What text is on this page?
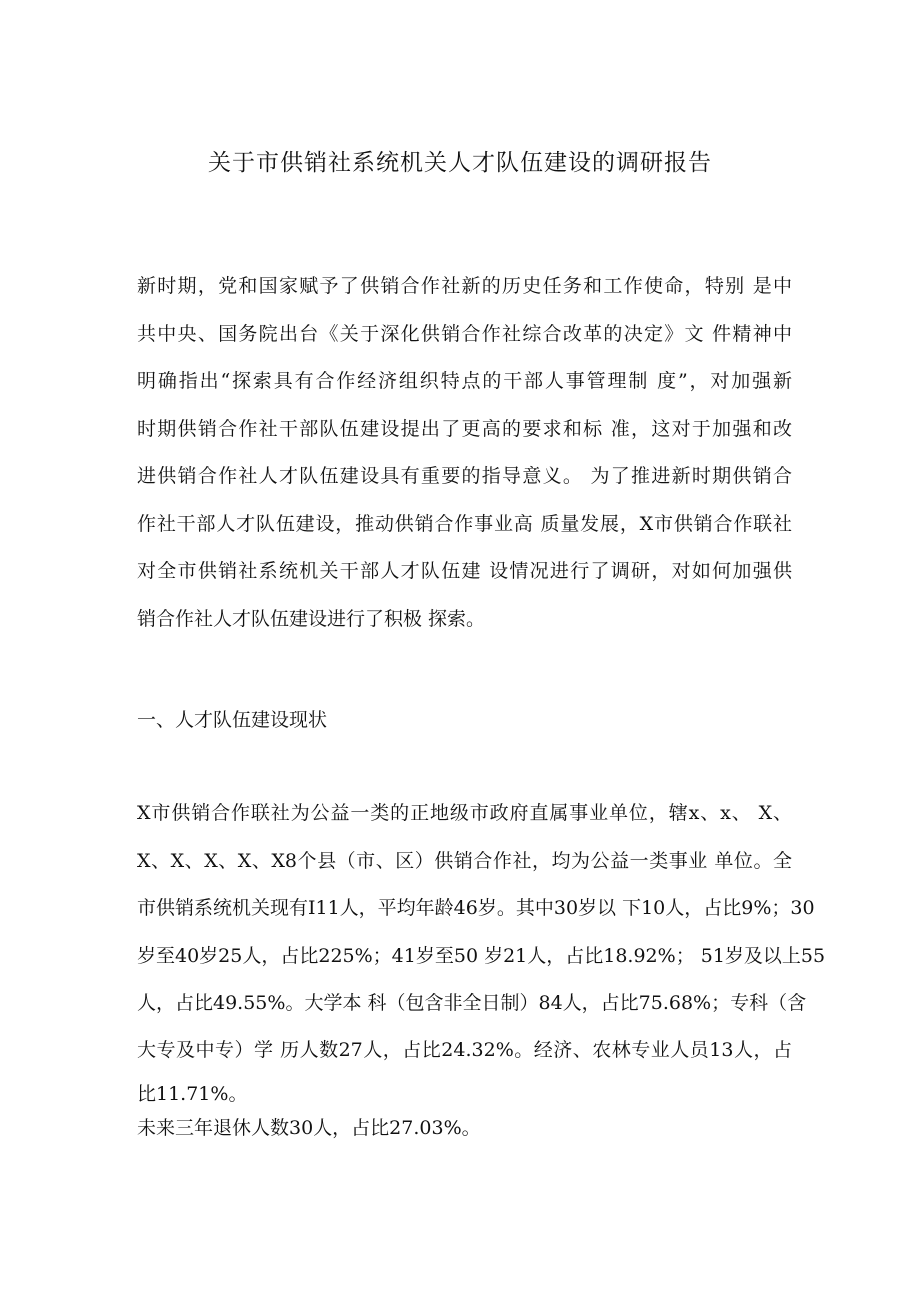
关于市供销社系统机关人才队伍建设的调研报告
新时期，党和国家赋予了供销合作社新的历史任务和工作使命，特别 是中
共中央、国务院出台《关于深化供销合作社综合改革的决定》文 件精神中
明确指出“探索具有合作经济组织特点的干部人事管理制 度”，对加强新
时期供销合作社干部队伍建设提出了更高的要求和标 准，这对于加强和改
进供销合作社人才队伍建设具有重要的指导意义。 为了推进新时期供销合
作社干部人才队伍建设，推动供销合作事业高 质量发展，X市供销合作联社
对全市供销社系统机关干部人才队伍建 设情况进行了调研，对如何加强供
销合作社人才队伍建设进行了积极 探索。
一、人才队伍建设现状
X市供销合作联社为公益一类的正地级市政府直属事业单位，辖x、x、 X、
X、X、X、X、X8个县（市、区）供销合作社，均为公益一类事业 单位。全
市供销系统机关现有I11人，平均年龄46岁。其中30岁以 下10人，占比9%；30
岁至40岁25人，占比225%；41岁至50 岁21人，占比18.92%； 51岁及以上55
人，占比49.55%。大学本 科（包含非全日制）84人，占比75.68%；专科（含
大专及中专）学 历人数27人，占比24.32%。经济、农林专业人员13人，占
比11.71%。
未来三年退休人数30人，占比27.03%。
